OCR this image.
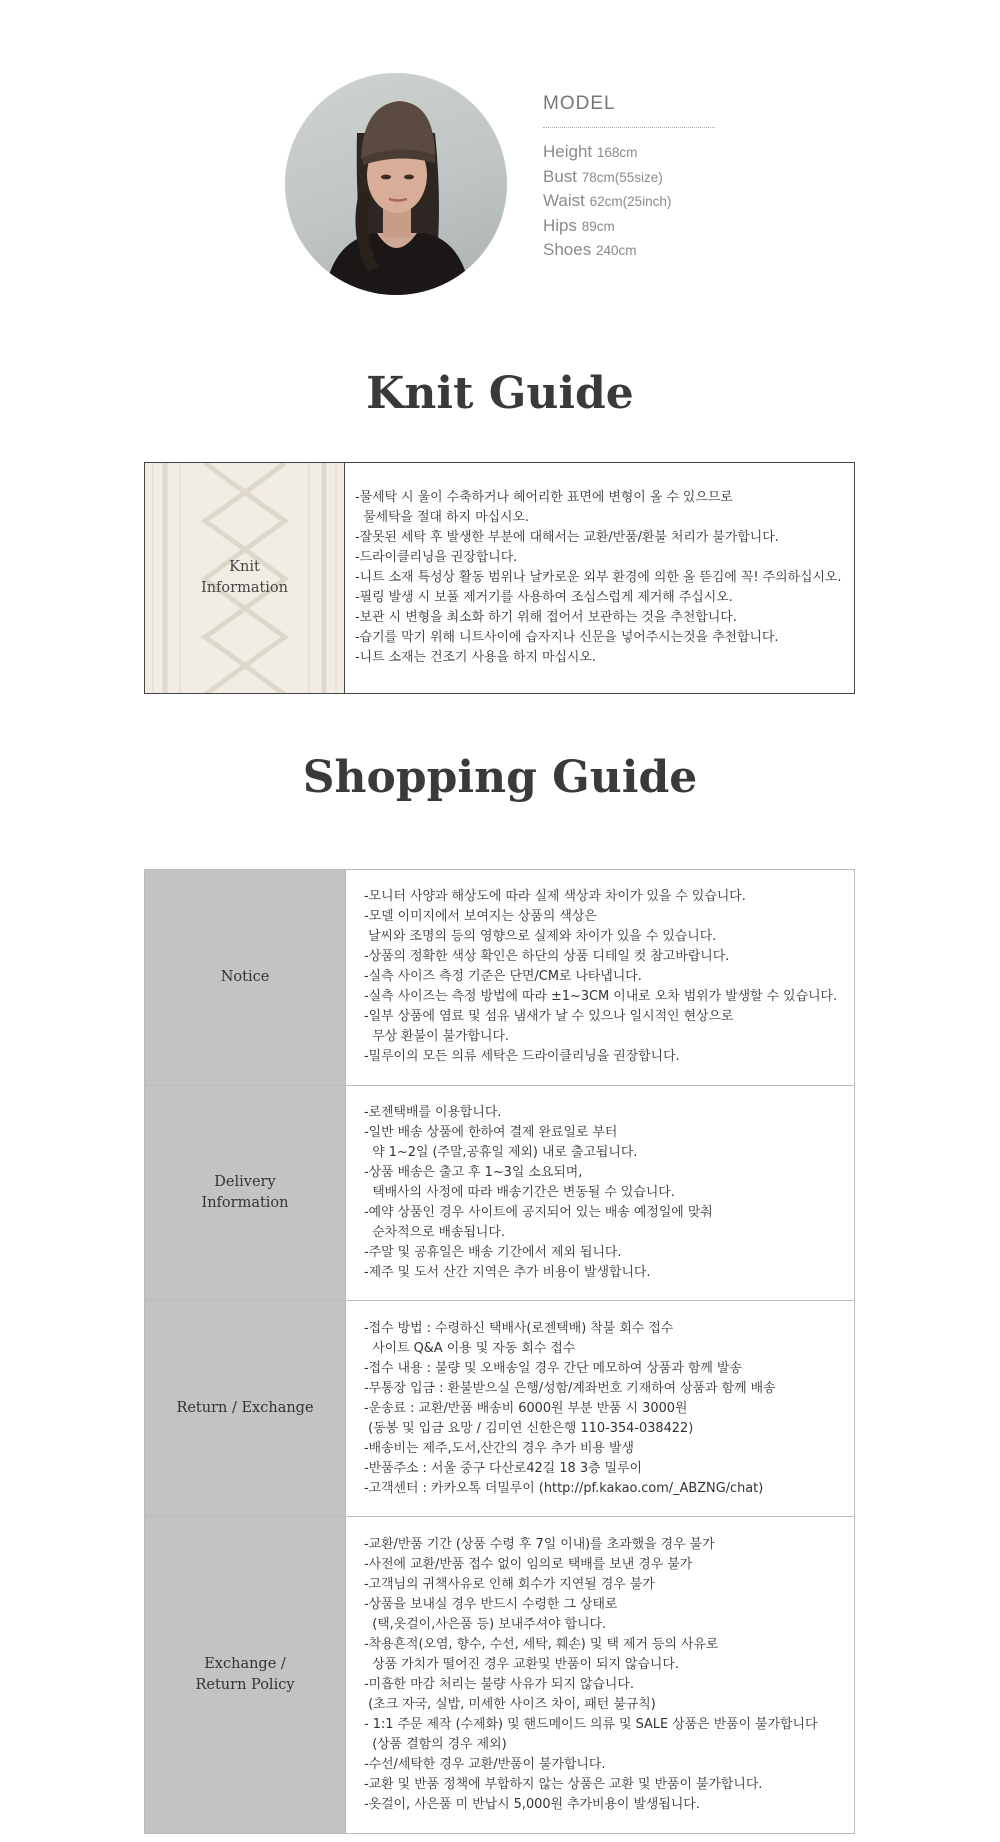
MODEL

Height 168cm
Bust 78cm(55size)
Waist 62cm(25inch)
Hips 89cm
Shoes 240cm
Knit Guide
Knit
Information

-물세탁 시 울이 수축하거나 헤어리한 표면에 변형이 올 수 있으므로

물세탁을 절대 하지 마십시오.

-잘못된 세탁 후 발생한 부분에 대해서는 교환/반품/환불 처리가 불가합니다.

-드라이클리닝을 권장합니다.

-니트 소재 특성상 활동 범위나 날카로운 외부 환경에 의한 올 뜯김에 꼭! 주의하십시오.

-필링 발생 시 보풀 제거기를 사용하여 조심스럽게 제거해 주십시오.

-보관 시 변형을 최소화 하기 위해 접어서 보관하는 것을 추천합니다.

-습기를 막기 위해 니트사이에 습자지나 신문을 넣어주시는것을 추천합니다.

-니트 소재는 건조기 사용을 하지 마십시오.

Shopping Guide
Notice

-모니터 사양과 해상도에 따라 실제 색상과 차이가 있을 수 있습니다.

-모델 이미지에서 보여지는 상품의 색상은

날씨와 조명의 등의 영향으로 실제와 차이가 있을 수 있습니다.

-상품의 정확한 색상 확인은 하단의 상품 디테일 컷 참고바랍니다.

-실측 사이즈 측정 기준은 단면/CM로 나타냅니다.

-실측 사이즈는 측정 방법에 따라 ±1~3CM 이내로 오차 범위가 발생할 수 있습니다.

-일부 상품에 염료 및 섬유 냄새가 날 수 있으나 일시적인 현상으로

무상 환불이 불가합니다.

-밀루이의 모든 의류 세탁은 드라이클리닝을 권장합니다.

Delivery
Information

-로젠택배를 이용합니다.

-일반 배송 상품에 한하여 결제 완료일로 부터

약 1~2일 (주말,공휴일 제외) 내로 출고됩니다.

-상품 배송은 출고 후 1~3일 소요되며,

택배사의 사정에 따라 배송기간은 변동될 수 있습니다.

-예약 상품인 경우 사이트에 공지되어 있는 배송 예정일에 맞춰

순차적으로 배송됩니다.

-주말 및 공휴일은 배송 기간에서 제외 됩니다.

-제주 및 도서 산간 지역은 추가 비용이 발생합니다.

Return / Exchange

-접수 방법 : 수령하신 택배사(로젠택배) 착불 회수 접수

사이트 Q&A 이용 및 자동 회수 접수

-접수 내용 : 불량 및 오배송일 경우 간단 메모하여 상품과 함께 발송

-무통장 입금 : 환불받으실 은행/성함/계좌번호 기재하여 상품과 함께 배송

-운송료 : 교환/반품 배송비 6000원 부분 반품 시 3000원

(동봉 및 입금 요망 / 김미연 신한은행 110-354-038422)

-배송비는 제주,도서,산간의 경우 추가 비용 발생

-반품주소 : 서울 중구 다산로42길 18 3층 밀루이

-고객센터 : 카카오톡 더밀루이 (http://pf.kakao.com/_ABZNG/chat)

Exchange /
Return Policy

-교환/반품 기간 (상품 수령 후 7일 이내)를 초과했을 경우 불가

-사전에 교환/반품 접수 없이 임의로 택배를 보낸 경우 불가

-고객님의 귀책사유로 인해 회수가 지연될 경우 불가

-상품을 보내실 경우 반드시 수령한 그 상태로

(택,옷걸이,사은품 등) 보내주셔야 합니다.

-착용흔적(오염, 향수, 수선, 세탁, 훼손) 및 택 제거 등의 사유로

상품 가치가 떨어진 경우 교환및 반품이 되지 않습니다.

-미흡한 마감 처리는 불량 사유가 되지 않습니다.

(초크 자국, 실밥, 미세한 사이즈 차이, 패턴 불규칙)

- 1:1 주문 제작 (수제화) 및 핸드메이드 의류 및 SALE 상품은 반품이 불가합니다

(상품 결함의 경우 제외)

-수선/세탁한 경우 교환/반품이 불가합니다.

-교환 및 반품 정책에 부합하지 않는 상품은 교환 및 반품이 불가합니다.

-옷걸이, 사은품 미 반납시 5,000원 추가비용이 발생됩니다.
